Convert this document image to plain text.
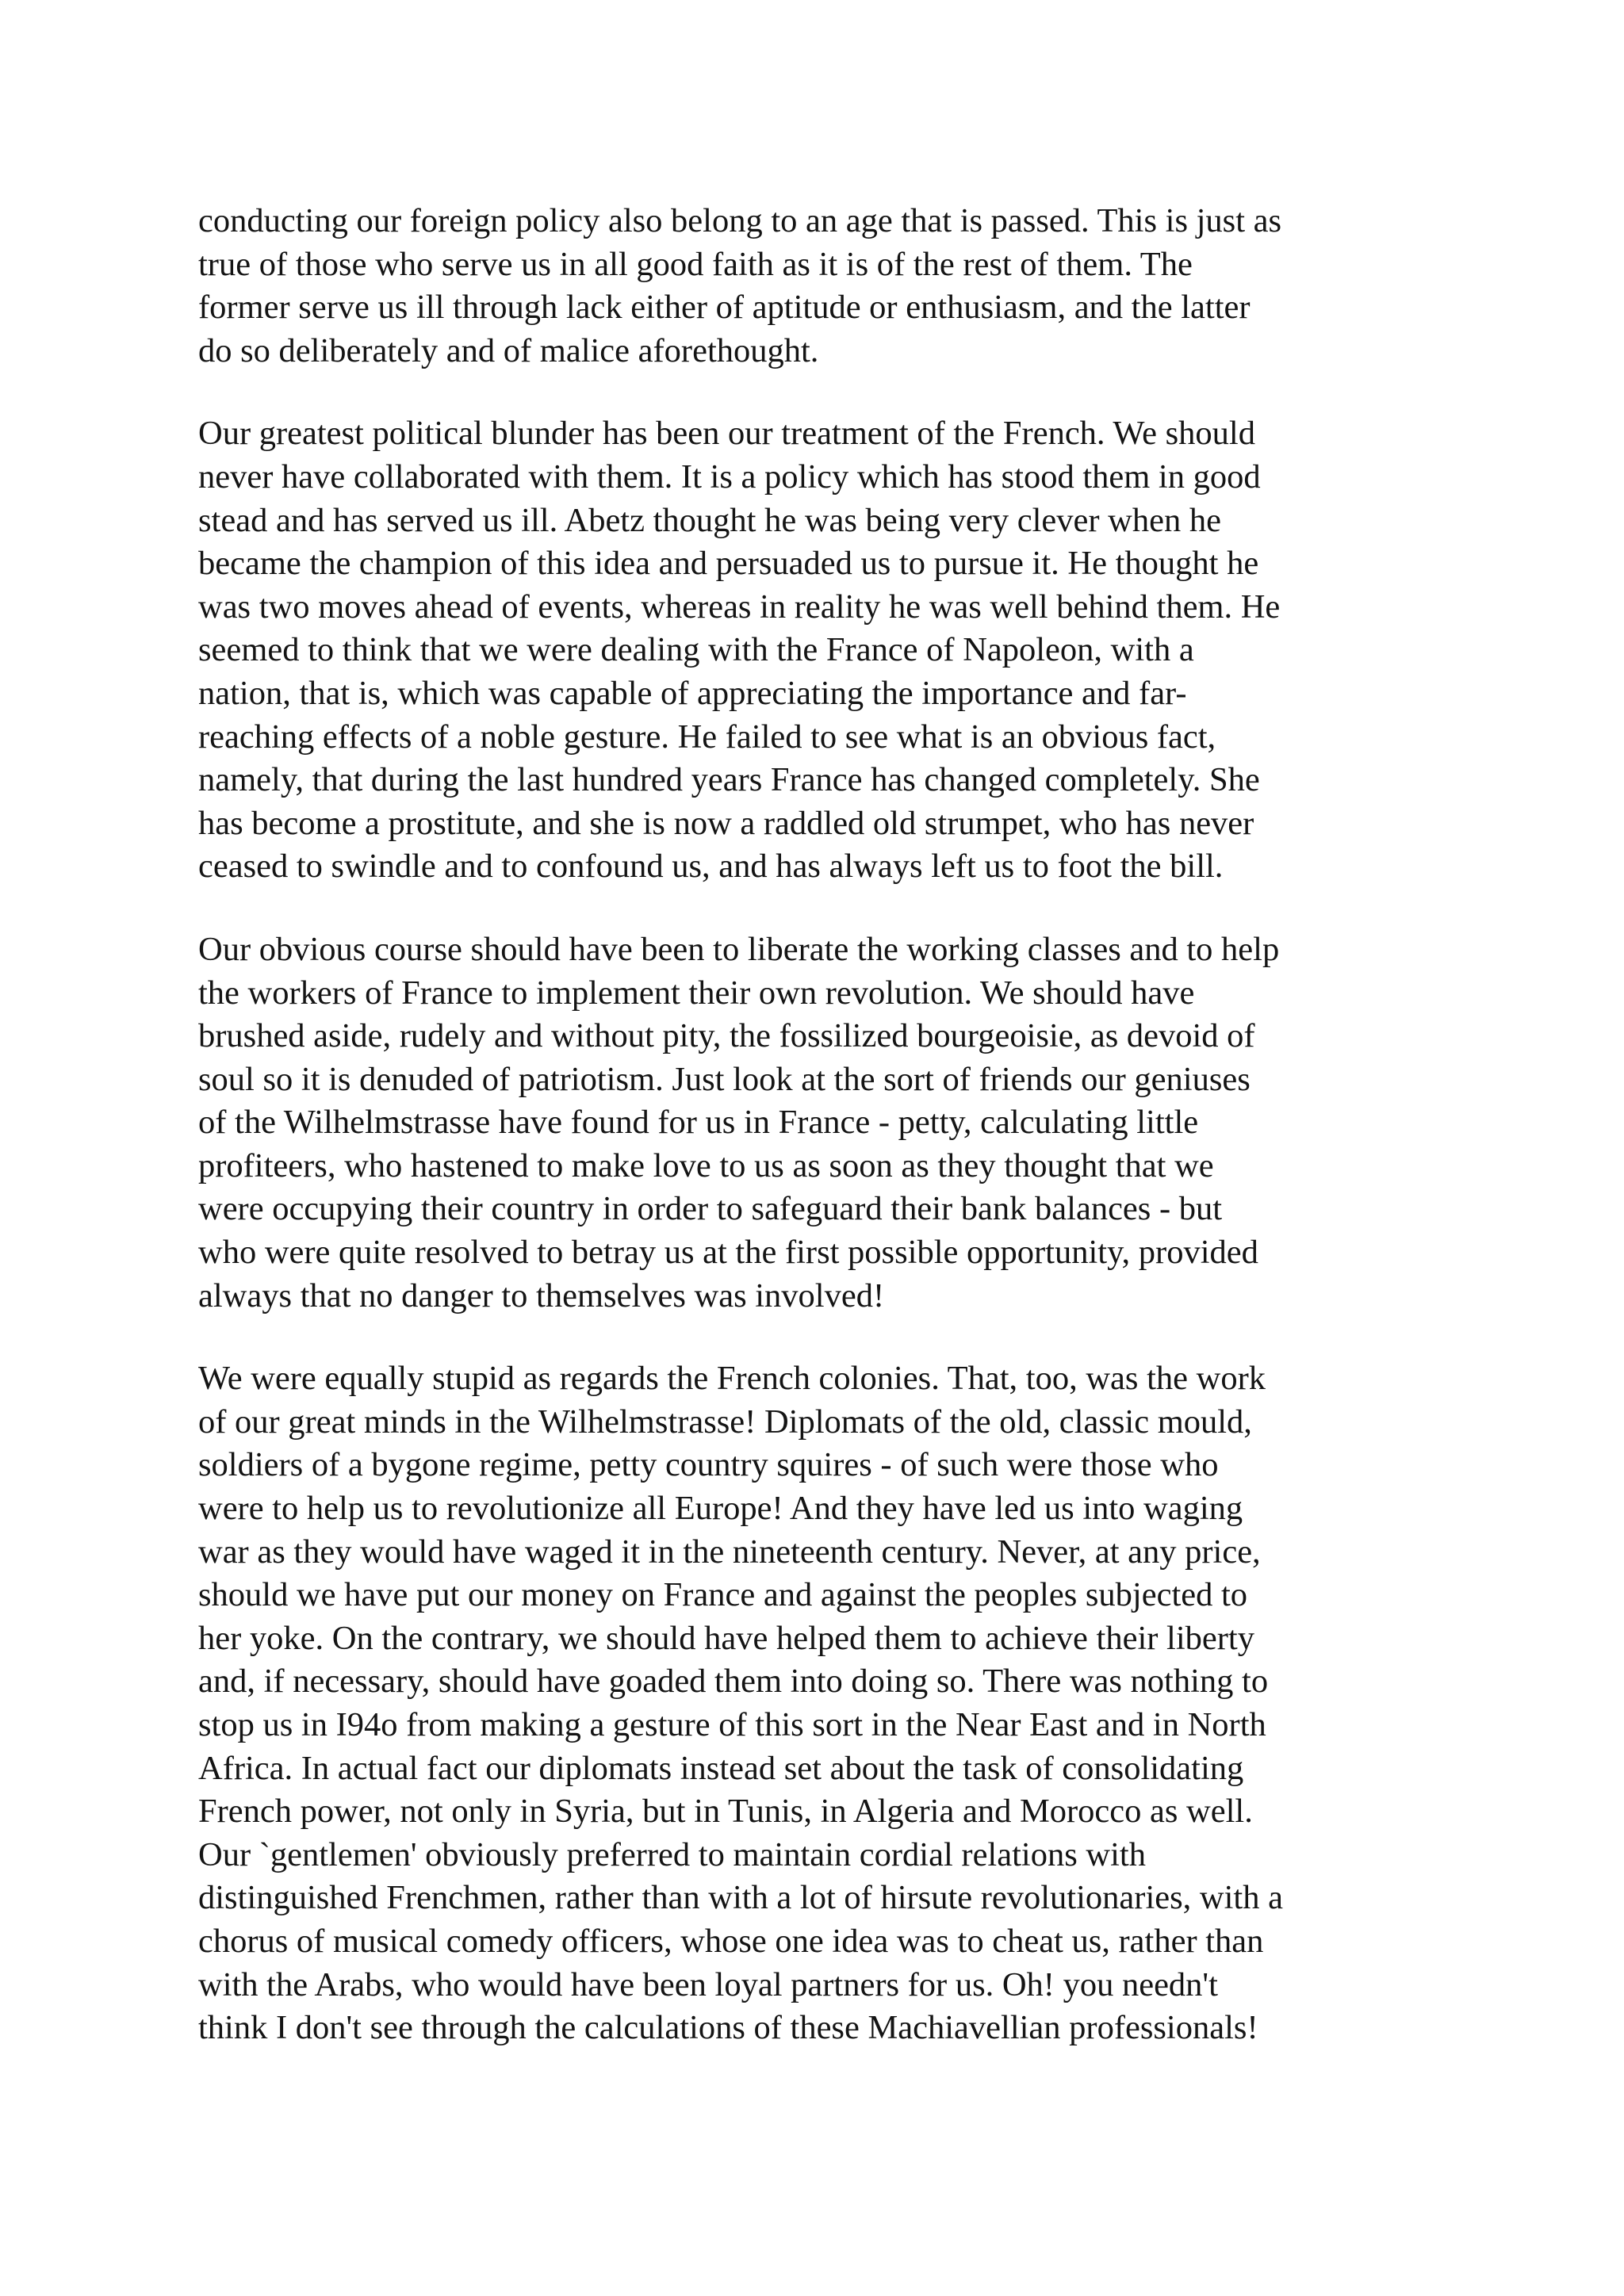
conducting our foreign policy also belong to an age that is passed. This is just as
true of those who serve us in all good faith as it is of the rest of them. The
former serve us ill through lack either of aptitude or enthusiasm, and the latter
do so deliberately and of malice aforethought.
Our greatest political blunder has been our treatment of the French. We should
never have collaborated with them. It is a policy which has stood them in good
stead and has served us ill. Abetz thought he was being very clever when he
became the champion of this idea and persuaded us to pursue it. He thought he
was two moves ahead of events, whereas in reality he was well behind them. He
seemed to think that we were dealing with the France of Napoleon, with a
nation, that is, which was capable of appreciating the importance and far-
reaching effects of a noble gesture. He failed to see what is an obvious fact,
namely, that during the last hundred years France has changed completely. She
has become a prostitute, and she is now a raddled old strumpet, who has never
ceased to swindle and to confound us, and has always left us to foot the bill.
Our obvious course should have been to liberate the working classes and to help
the workers of France to implement their own revolution. We should have
brushed aside, rudely and without pity, the fossilized bourgeoisie, as devoid of
soul so it is denuded of patriotism. Just look at the sort of friends our geniuses
of the Wilhelmstrasse have found for us in France - petty, calculating little
profiteers, who hastened to make love to us as soon as they thought that we
were occupying their country in order to safeguard their bank balances - but
who were quite resolved to betray us at the first possible opportunity, provided
always that no danger to themselves was involved!
We were equally stupid as regards the French colonies. That, too, was the work
of our great minds in the Wilhelmstrasse! Diplomats of the old, classic mould,
soldiers of a bygone regime, petty country squires - of such were those who
were to help us to revolutionize all Europe! And they have led us into waging
war as they would have waged it in the nineteenth century. Never, at any price,
should we have put our money on France and against the peoples subjected to
her yoke. On the contrary, we should have helped them to achieve their liberty
and, if necessary, should have goaded them into doing so. There was nothing to
stop us in I94o from making a gesture of this sort in the Near East and in North
Africa. In actual fact our diplomats instead set about the task of consolidating
French power, not only in Syria, but in Tunis, in Algeria and Morocco as well.
Our `gentlemen' obviously preferred to maintain cordial relations with
distinguished Frenchmen, rather than with a lot of hirsute revolutionaries, with a
chorus of musical comedy officers, whose one idea was to cheat us, rather than
with the Arabs, who would have been loyal partners for us. Oh! you needn't
think I don't see through the calculations of these Machiavellian professionals!
